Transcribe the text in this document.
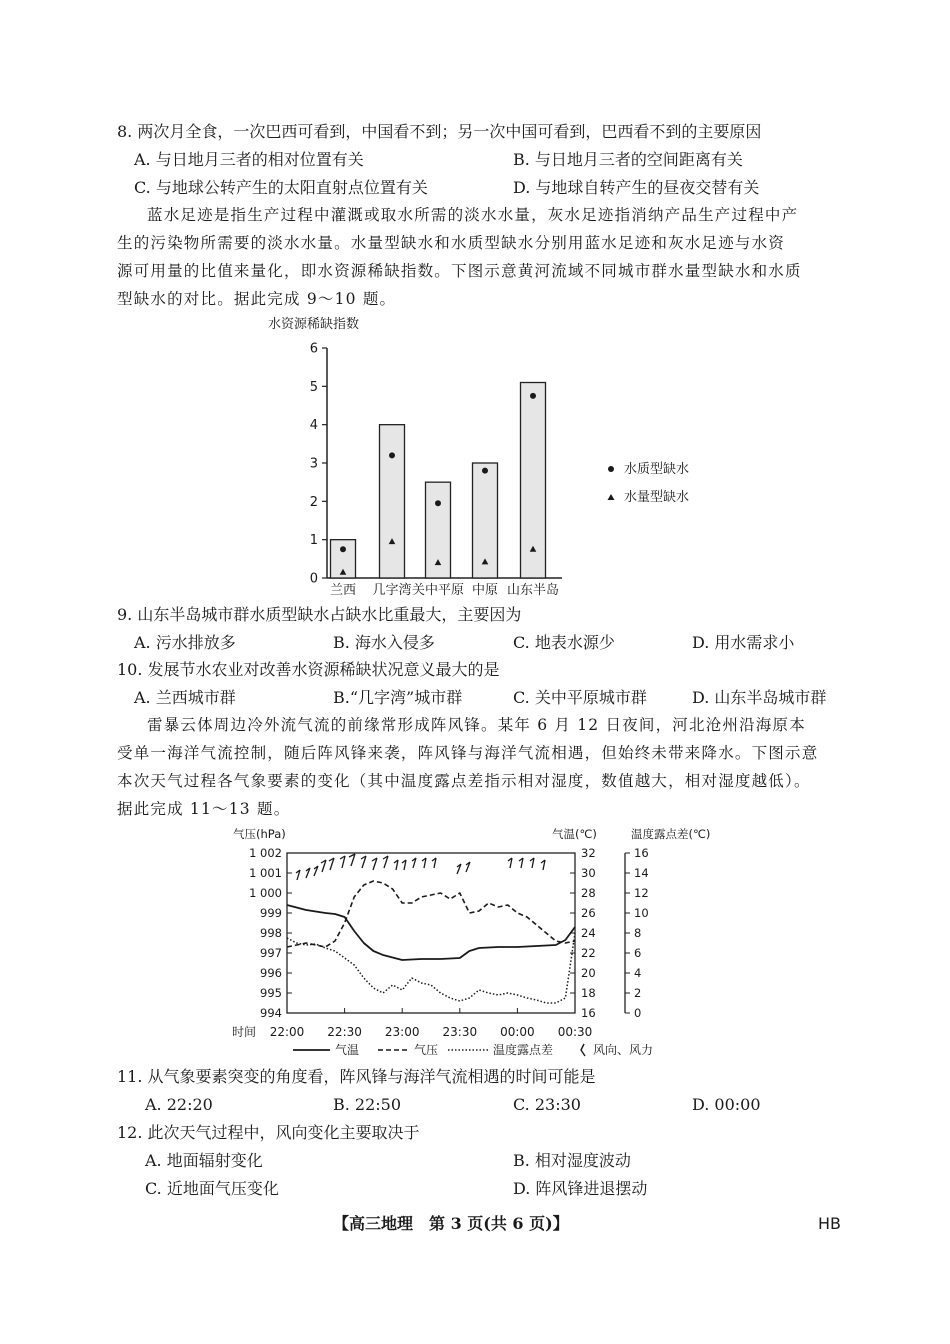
8. 两次月全食，一次巴西可看到，中国看不到；另一次中国可看到，巴西看不到的主要原因
A. 与日地月三者的相对位置有关	B. 与日地月三者的空间距离有关
C. 与地球公转产生的太阳直射点位置有关	D. 与地球自转产生的昼夜交替有关
蓝水足迹是指生产过程中灌溉或取水所需的淡水水量，灰水足迹指消纳产品生产过程中产
生的污染物所需要的淡水水量。水量型缺水和水质型缺水分别用蓝水足迹和灰水足迹与水资
源可用量的比值来量化，即水资源稀缺指数。下图示意黄河流域不同城市群水量型缺水和水质
型缺水的对比。据此完成 9～10 题。
水资源稀缺指数
0
1
2
3
4
5
6
兰西 几字湾 关中平原 中原 山东半岛
水质型缺水
水量型缺水
9. 山东半岛城市群水质型缺水占缺水比重最大，主要因为
A. 污水排放多	B. 海水入侵多	C. 地表水源少	D. 用水需求小
10. 发展节水农业对改善水资源稀缺状况意义最大的是
A. 兰西城市群	B.“几字湾”城市群	C. 关中平原城市群	D. 山东半岛城市群
雷暴云体周边冷外流气流的前缘常形成阵风锋。某年 6 月 12 日夜间，河北沧州沿海原本
受单一海洋气流控制，随后阵风锋来袭，阵风锋与海洋气流相遇，但始终未带来降水。下图示意
本次天气过程各气象要素的变化（其中温度露点差指示相对湿度，数值越大，相对湿度越低）。
据此完成 11～13 题。
气压(hPa)	气温(℃)	温度露点差(℃)
994
995
996
997
998
999
1 000
1 001
1 002
16
18
20
22
24
26
28
30
32
0
2
4
6
8
10
12
14
16
时间 22:00 22:30 23:00 23:30 00:00 00:30
气温	气压	温度露点差	风向、风力
11. 从气象要素突变的角度看，阵风锋与海洋气流相遇的时间可能是
A. 22:20	B. 22:50	C. 23:30	D. 00:00
12. 此次天气过程中，风向变化主要取决于
A. 地面辐射变化	B. 相对湿度波动
C. 近地面气压变化	D. 阵风锋进退摆动
【高三地理　第 3 页(共 6 页)】	HB
